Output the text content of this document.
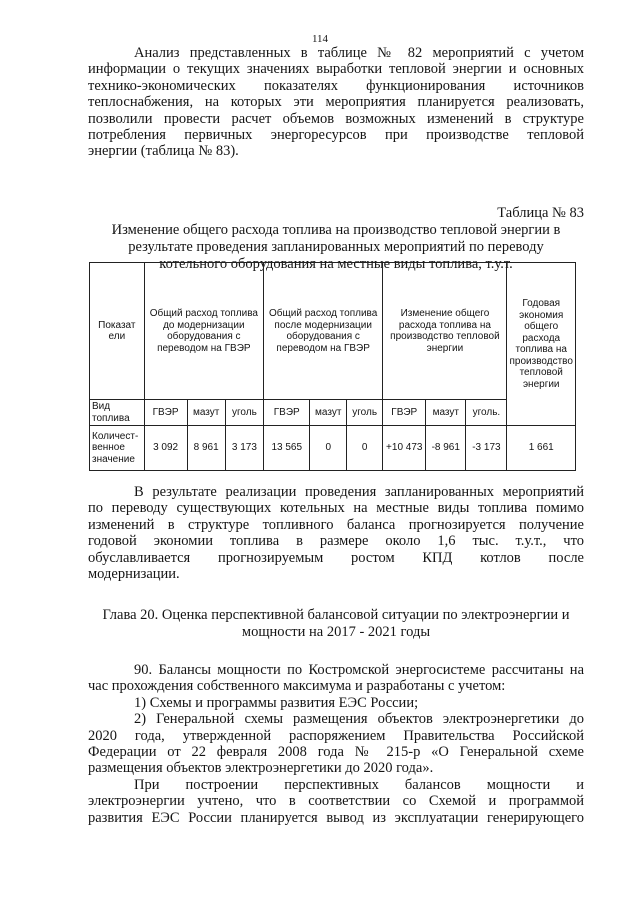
114
Анализ представленных в таблице № 82 мероприятий с учетом
информации о текущих значениях выработки тепловой энергии и основных
технико-экономических показателях функционирования источников
теплоснабжения, на которых эти мероприятия планируется реализовать,
позволили провести расчет объемов возможных изменений в структуре
потребления первичных энергоресурсов при производстве тепловой
энергии (таблица № 83).
Таблица № 83
Изменение общего расхода топлива на производство тепловой энергии в
результате проведения запланированных мероприятий по переводу
котельного оборудования на местные виды топлива, т.у.т.
Показат ели	Общий расход топлива до модернизации оборудования с переводом на ГВЭР			Общий расход топлива после модернизации оборудования с переводом на ГВЭР			Изменение общего расхода топлива на производство тепловой энергии			Годовая экономия общего расхода топлива на производство тепловой энергии
Вид топлива	ГВЭР	мазут	уголь	ГВЭР	мазут	уголь	ГВЭР	мазут	уголь.	
Количест-венное значение	3 092	8 961	3 173	13 565	0	0	+10 473	-8 961	-3 173	1 661
В результате реализации проведения запланированных мероприятий
по переводу существующих котельных на местные виды топлива помимо
изменений в структуре топливного баланса прогнозируется получение
годовой экономии топлива в размере около 1,6 тыс. т.у.т., что
обуславливается прогнозируемым ростом КПД котлов после
модернизации.
Глава 20. Оценка перспективной балансовой ситуации по электроэнергии и
мощности на 2017 - 2021 годы
90. Балансы мощности по Костромской энергосистеме рассчитаны на
час прохождения собственного максимума и разработаны с учетом:
1) Схемы и программы развития ЕЭС России;
2) Генеральной схемы размещения объектов электроэнергетики до
2020 года, утвержденной распоряжением Правительства Российской
Федерации от 22 февраля 2008 года № 215-р «О Генеральной схеме
размещения объектов электроэнергетики до 2020 года».
При построении перспективных балансов мощности и
электроэнергии учтено, что в соответствии со Схемой и программой
развития ЕЭС России планируется вывод из эксплуатации генерирующего
